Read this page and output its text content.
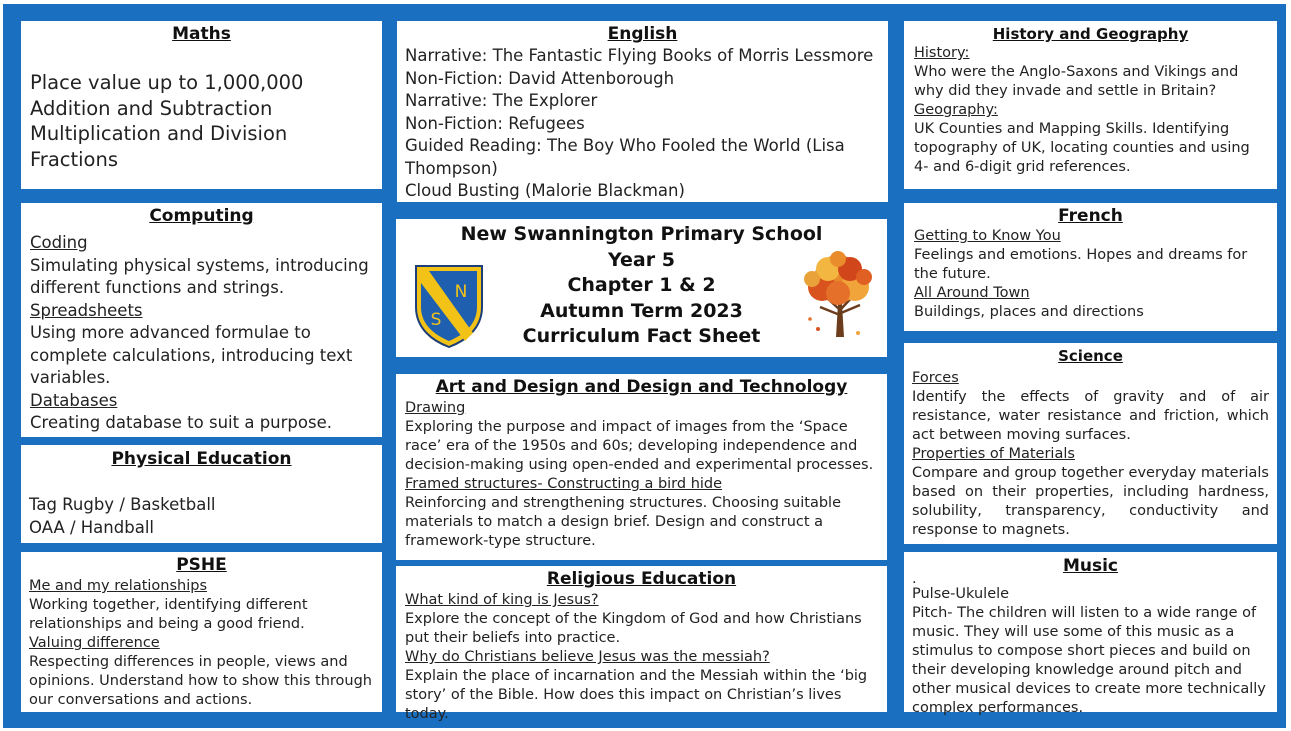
Maths
Place value up to 1,000,000
Addition and Subtraction
Multiplication and Division
Fractions
Computing
Coding
Simulating physical systems, introducing different functions and strings.
Spreadsheets
Using more advanced formulae to complete calculations, introducing text variables.
Databases
Creating database to suit a purpose.
Physical Education
Tag Rugby / Basketball
OAA / Handball
PSHE
Me and my relationships
Working together, identifying different relationships and being a good friend.
Valuing difference
Respecting differences in people, views and opinions. Understand how to show this through our conversations and actions.
English
Narrative: The Fantastic Flying Books of Morris Lessmore
Non-Fiction: David Attenborough
Narrative: The Explorer
Non-Fiction: Refugees
Guided Reading: The Boy Who Fooled the World (Lisa Thompson)
Cloud Busting (Malorie Blackman)
N
S
New Swannington Primary School
Year 5
Chapter 1 & 2
Autumn Term 2023
Curriculum Fact Sheet
Art and Design and Design and Technology
Drawing
Exploring the purpose and impact of images from the ‘Space race’ era of the 1950s and 60s; developing independence and decision-making using open-ended and experimental processes.
Framed structures- Constructing a bird hide
Reinforcing and strengthening structures. Choosing suitable materials to match a design brief. Design and construct a framework-type structure.
Religious Education
What kind of king is Jesus?
Explore the concept of the Kingdom of God and how Christians put their beliefs into practice.
Why do Christians believe Jesus was the messiah?
Explain the place of incarnation and the Messiah within the ‘big story’ of the Bible. How does this impact on Christian’s lives today.
History and Geography
History:
Who were the Anglo-Saxons and Vikings and why did they invade and settle in Britain?
Geography:
UK Counties and Mapping Skills. Identifying topography of UK, locating counties and using 4- and 6-digit grid references.
French
Getting to Know You
Feelings and emotions. Hopes and dreams for the future.
All Around Town
Buildings, places and directions
Science
Forces
Identify the effects of gravity and of air resistance, water resistance and friction, which act between moving surfaces.
Properties of Materials
Compare and group together everyday materials based on their properties, including hardness, solubility, transparency, conductivity and response to magnets.
Music
.
Pulse-Ukulele
Pitch- The children will listen to a wide range of music. They will use some of this music as a stimulus to compose short pieces and build on their developing knowledge around pitch and other musical devices to create more technically complex performances.
